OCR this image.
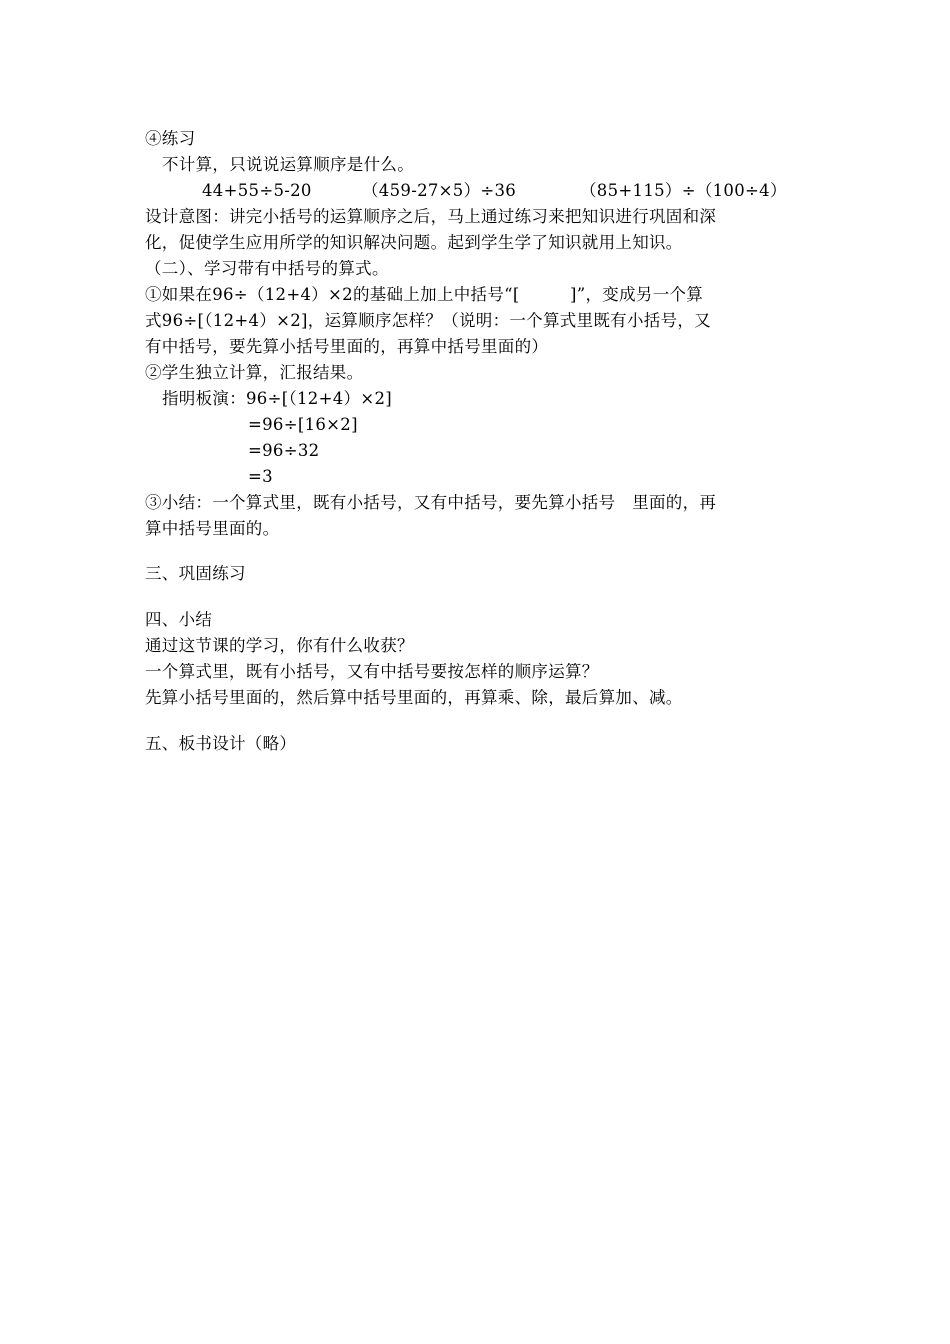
④练习
不计算，只说说运算顺序是什么。
44+55÷5-20	（459-27×5）÷36	（85+115）÷（100÷4）
设计意图：讲完小括号的运算顺序之后，马上通过练习来把知识进行巩固和深
化，促使学生应用所学的知识解决问题。起到学生学了知识就用上知识。
（二）、学习带有中括号的算式。
①如果在96÷（12+4）×2的基础上加上中括号“[　　　]”，变成另一个算
式96÷[（12+4）×2]，运算顺序怎样？（说明：一个算式里既有小括号，又
有中括号，要先算小括号里面的，再算中括号里面的）
②学生独立计算，汇报结果。
指明板演：96÷[（12+4）×2]
=96÷[16×2]
=96÷32
=3
③小结：一个算式里，既有小括号，又有中括号，要先算小括号　里面的，再
算中括号里面的。
三、巩固练习
四、小结
通过这节课的学习，你有什么收获？
一个算式里，既有小括号，又有中括号要按怎样的顺序运算？
先算小括号里面的，然后算中括号里面的，再算乘、除，最后算加、减。
五、板书设计（略）
